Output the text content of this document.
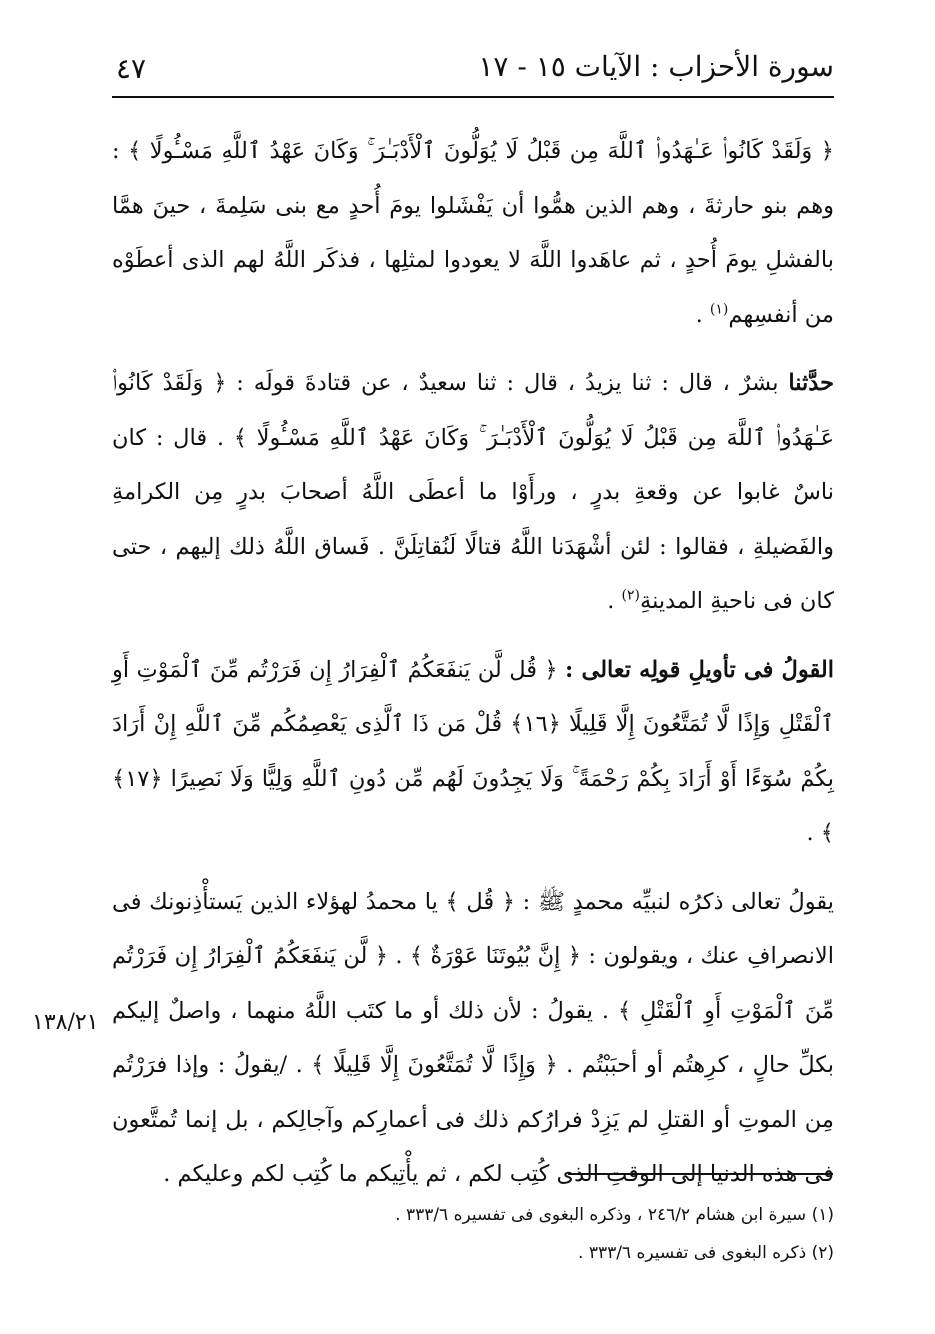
سورة الأحزاب : الآيات ١٥ - ١٧
٤٧

﴿ وَلَقَدْ كَانُوا۟ عَـٰهَدُوا۟ ٱللَّهَ مِن قَبْلُ لَا يُوَلُّونَ ٱلْأَدْبَـٰرَ ۚ وَكَانَ عَهْدُ ٱللَّهِ مَسْـُٔولًا ﴾ : وهم بنو حارثةَ ، وهم الذين همُّوا أن يَفْشَلوا يومَ أُحدٍ مع بنى سَلِمةَ ، حينَ همَّا بالفشلِ يومَ أُحدٍ ، ثم عاهَدوا اللَّهَ لا يعودوا لمثلِها ، فذكَر اللَّهُ لهم الذى أعطَوْه من أنفسِهم$^{(١)}$ .

حدَّثنا بشرٌ ، قال : ثنا يزيدُ ، قال : ثنا سعيدٌ ، عن قتادةَ قولَه : ﴿ وَلَقَدْ كَانُوا۟ عَـٰهَدُوا۟ ٱللَّهَ مِن قَبْلُ لَا يُوَلُّونَ ٱلْأَدْبَـٰرَ ۚ وَكَانَ عَهْدُ ٱللَّهِ مَسْـُٔولًا ﴾ . قال : كان ناسٌ غابوا عن وقعةِ بدرٍ ، ورأَوْا ما أعطَى اللَّهُ أصحابَ بدرٍ مِن الكرامةِ والفَضيلةِ ، فقالوا : لئن أشْهَدَنا اللَّهُ قتالًا لَنُقاتِلَنَّ . فَساق اللَّهُ ذلك إليهم ، حتى كان فى ناحيةِ المدينةِ$^{(٢)}$ .

القولُ فى تأويلِ قولِه تعالى : ﴿ قُل لَّن يَنفَعَكُمُ ٱلْفِرَارُ إِن فَرَرْتُم مِّنَ ٱلْمَوْتِ أَوِ ٱلْقَتْلِ وَإِذًا لَّا تُمَتَّعُونَ إِلَّا قَلِيلًا ﴿١٦﴾ قُلْ مَن ذَا ٱلَّذِى يَعْصِمُكُم مِّنَ ٱللَّهِ إِنْ أَرَادَ بِكُمْ سُوٓءًا أَوْ أَرَادَ بِكُمْ رَحْمَةً ۚ وَلَا يَجِدُونَ لَهُم مِّن دُونِ ٱللَّهِ وَلِيًّا وَلَا نَصِيرًا ﴿١٧﴾ ﴾ .

يقولُ تعالى ذكرُه لنبيِّه محمدٍ ﷺ : ﴿ قُل ﴾ يا محمدُ لهؤلاء الذين يَستأْذِنونك فى الانصرافِ عنك ، ويقولون : ﴿ إِنَّ بُيُوتَنَا عَوْرَةٌ ﴾ . ﴿ لَّن يَنفَعَكُمُ ٱلْفِرَارُ إِن فَرَرْتُم مِّنَ ٱلْمَوْتِ أَوِ ٱلْقَتْلِ ﴾ . يقولُ : لأن ذلك أو ما كتَب اللَّهُ منهما ، واصلٌ إليكم بكلِّ حالٍ ، كرِهتُم أو أحبَبْتُم . ﴿ وَإِذًا لَّا تُمَتَّعُونَ إِلَّا قَلِيلًا ﴾ . /يقولُ : وإذا فرَرْتُم مِن الموتِ أو القتلِ لم يَزِدْ فرارُكم ذلك فى أعمارِكم وآجالِكم ، بل إنما تُمتَّعون فى هذه الدنيا إلى الوقتِ الذى كُتِب لكم ، ثم يأْتِيكم ما كُتِب لكم وعليكم .

١٣٨/٢١

(١) سيرة ابن هشام ٢٤٦/٢ ، وذكره البغوى فى تفسيره ٣٣٣/٦ .

(٢) ذكره البغوى فى تفسيره ٣٣٣/٦ .
